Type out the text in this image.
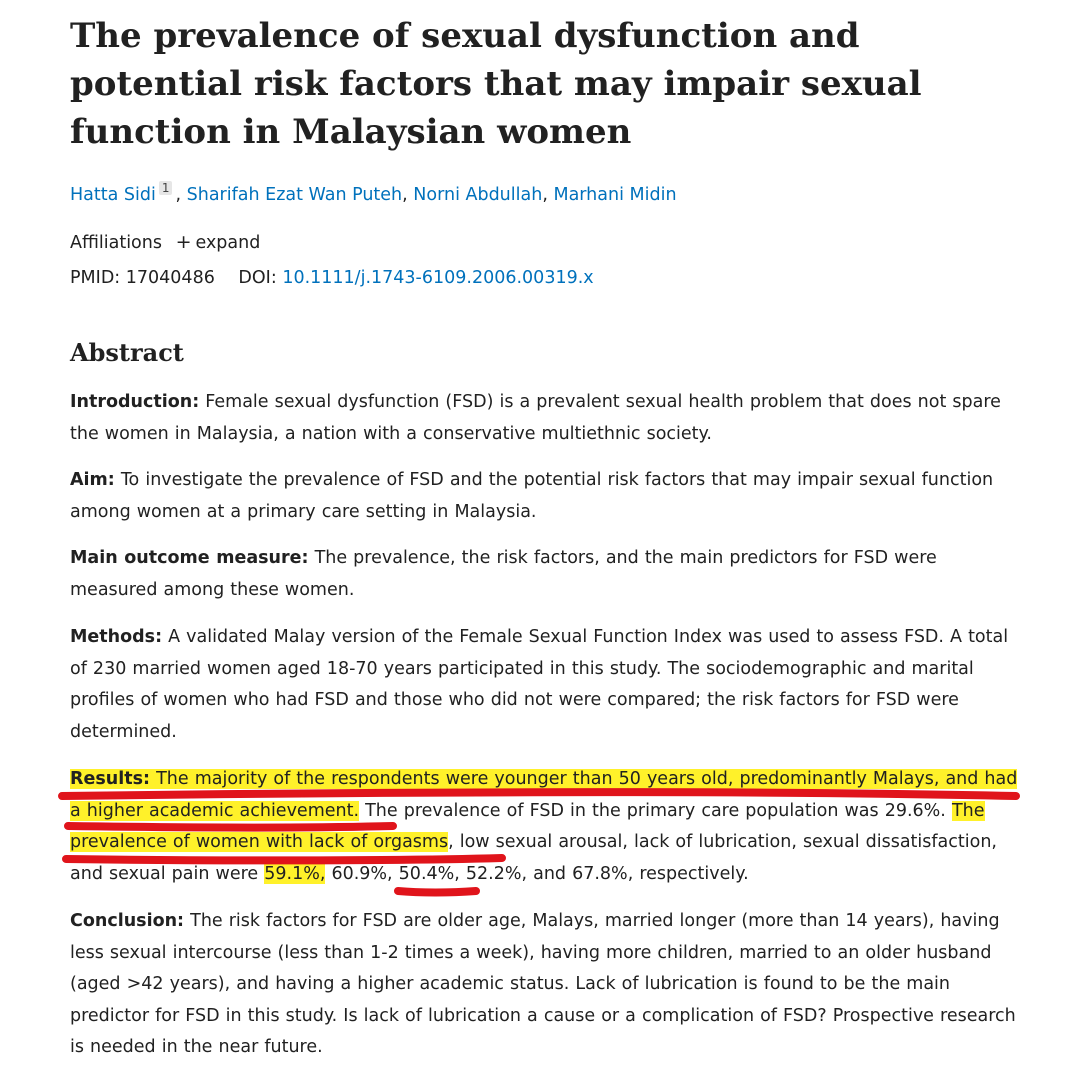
The prevalence of sexual dysfunction and potential risk factors that may impair sexual function in Malaysian women

Hatta Sidi 1 , Sharifah Ezat Wan Puteh, Norni Abdullah, Marhani Midin

Affiliations + expand
PMID: 17040486 DOI: 10.1111/j.1743-6109.2006.00319.x
Abstract

Introduction: Female sexual dysfunction (FSD) is a prevalent sexual health problem that does not spare the women in Malaysia, a nation with a conservative multiethnic society.

Aim: To investigate the prevalence of FSD and the potential risk factors that may impair sexual function among women at a primary care setting in Malaysia.

Main outcome measure: The prevalence, the risk factors, and the main predictors for FSD were measured among these women.

Methods: A validated Malay version of the Female Sexual Function Index was used to assess FSD. A total of 230 married women aged 18-70 years participated in this study. The sociodemographic and marital profiles of women who had FSD and those who did not were compared; the risk factors for FSD were determined.

Results: The majority of the respondents were younger than 50 years old, predominantly Malays, and had a higher academic achievement. The prevalence of FSD in the primary care population was 29.6%. The prevalence of women with lack of orgasms, low sexual arousal, lack of lubrication, sexual dissatisfaction, and sexual pain were 59.1%, 60.9%, 50.4%, 52.2%, and 67.8%, respectively.

Conclusion: The risk factors for FSD are older age, Malays, married longer (more than 14 years), having less sexual intercourse (less than 1-2 times a week), having more children, married to an older husband (aged >42 years), and having a higher academic status. Lack of lubrication is found to be the main predictor for FSD in this study. Is lack of lubrication a cause or a complication of FSD? Prospective research is needed in the near future.
